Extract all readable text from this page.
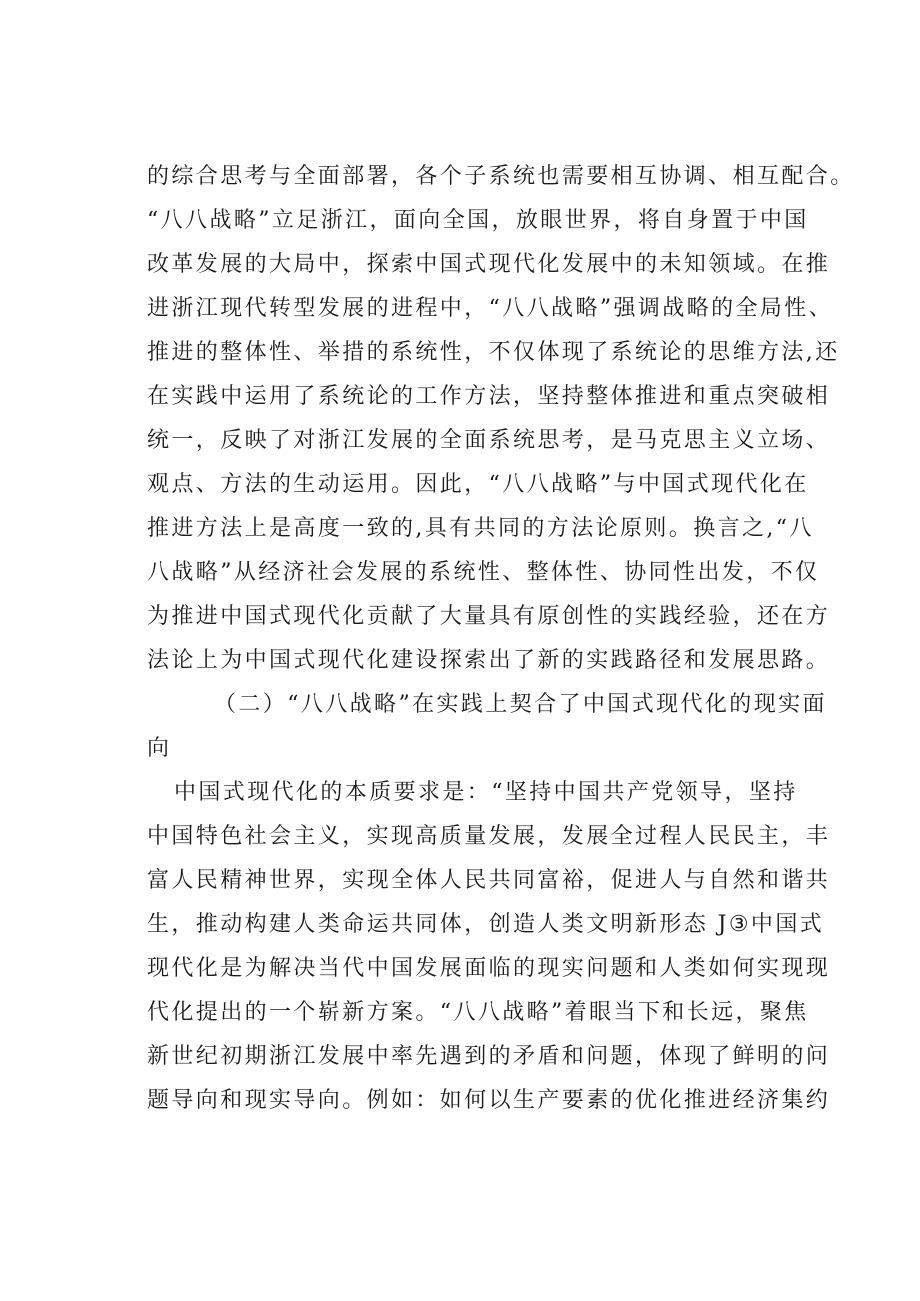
的综合思考与全面部署，各个子系统也需要相互协调、相互配合。
“八八战略”立足浙江，面向全国，放眼世界，将自身置于中国
改革发展的大局中，探索中国式现代化发展中的未知领域。在推
进浙江现代转型发展的进程中，“八八战略”强调战略的全局性、
推进的整体性、举措的系统性，不仅体现了系统论的思维方法,还
在实践中运用了系统论的工作方法，坚持整体推进和重点突破相
统一，反映了对浙江发展的全面系统思考，是马克思主义立场、
观点、方法的生动运用。因此，“八八战略”与中国式现代化在
推进方法上是高度一致的,具有共同的方法论原则。换言之,“八
八战略”从经济社会发展的系统性、整体性、协同性出发，不仅
为推进中国式现代化贡献了大量具有原创性的实践经验，还在方
法论上为中国式现代化建设探索出了新的实践路径和发展思路。
（二）“八八战略”在实践上契合了中国式现代化的现实面
向
中国式现代化的本质要求是：“坚持中国共产党领导，坚持
中国特色社会主义，实现高质量发展，发展全过程人民民主，丰
富人民精神世界，实现全体人民共同富裕，促进人与自然和谐共
生，推动构建人类命运共同体，创造人类文明新形态 J③中国式
现代化是为解决当代中国发展面临的现实问题和人类如何实现现
代化提出的一个崭新方案。“八八战略”着眼当下和长远，聚焦
新世纪初期浙江发展中率先遇到的矛盾和问题，体现了鲜明的问
题导向和现实导向。例如：如何以生产要素的优化推进经济集约
